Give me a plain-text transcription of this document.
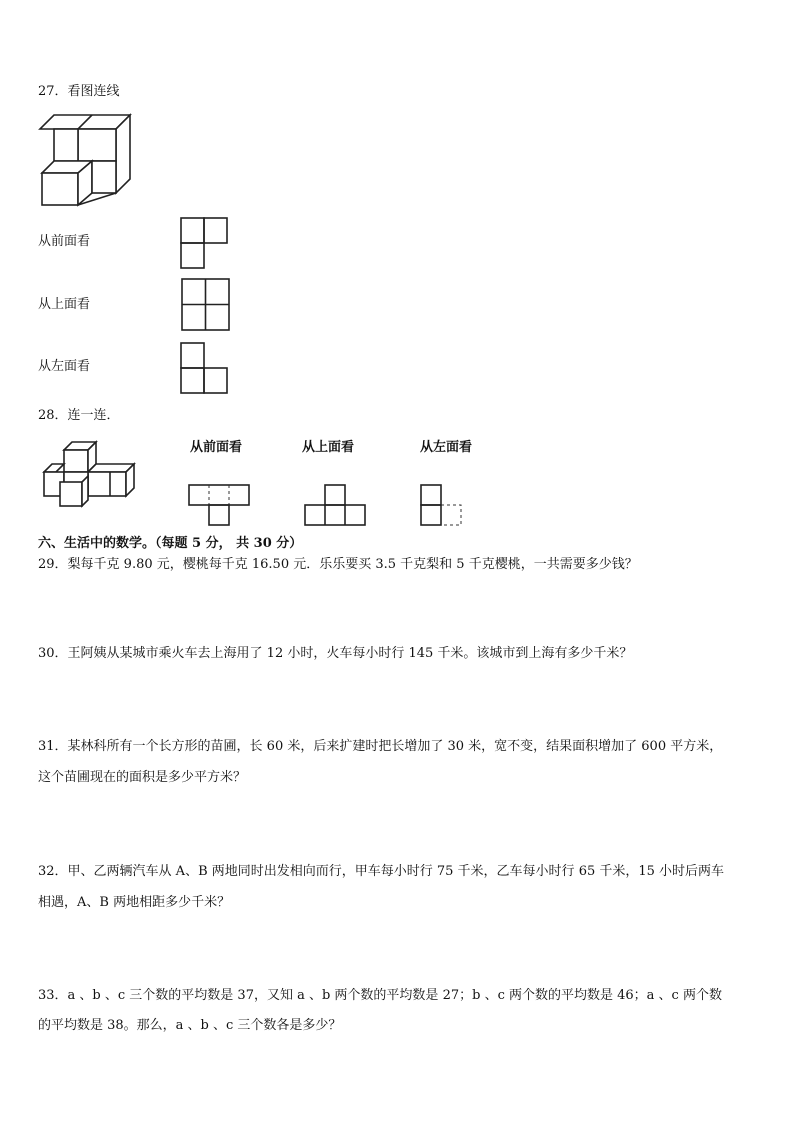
27．看图连线
从前面看
从上面看
从左面看
28．连一连．
从前面看	从上面看	从左面看
六、生活中的数学。（每题 5 分， 共 30 分）
29．梨每千克 9.80 元，樱桃每千克 16.50 元．乐乐要买 3.5 千克梨和 5 千克樱桃，一共需要多少钱？
30．王阿姨从某城市乘火车去上海用了 12 小时，火车每小时行 145 千米。该城市到上海有多少千米？
31．某林科所有一个长方形的苗圃，长 60 米，后来扩建时把长增加了 30 米，宽不变，结果面积增加了 600 平方米，
这个苗圃现在的面积是多少平方米？
32．甲、乙两辆汽车从 A、B 两地同时出发相向而行，甲车每小时行 75 千米，乙车每小时行 65 千米，15 小时后两车
相遇，A、B 两地相距多少千米？
33．a 、b 、c 三个数的平均数是 37，又知 a 、b 两个数的平均数是 27；b 、c 两个数的平均数是 46；a 、c 两个数
的平均数是 38。那么，a 、b 、c 三个数各是多少？
